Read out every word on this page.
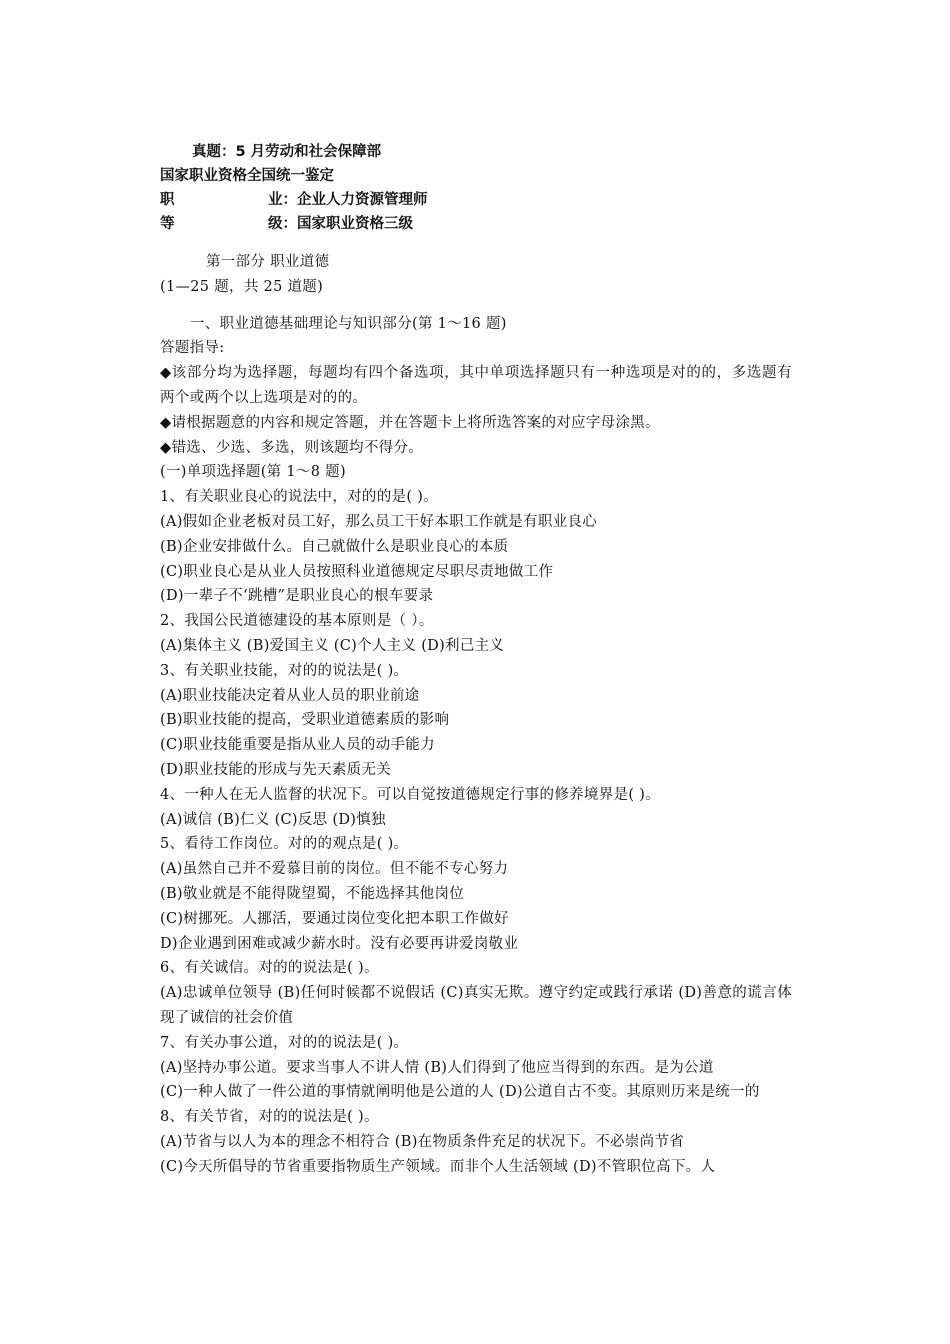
真题：5 月劳动和社会保障部
国家职业资格全国统一鉴定
职	业：企业人力资源管理师
等	级：国家职业资格三级
第一部分 职业道德
(1—25 题，共 25 道题)
一、职业道德基础理论与知识部分(第 1～16 题)
答题指导:
◆该部分均为选择题，每题均有四个备选项，其中单项选择题只有一种选项是对的的，多选题有两个或两个以上选项是对的的。
◆请根据题意的内容和规定答题，并在答题卡上将所选答案的对应字母涂黑。
◆错选、少选、多选，则该题均不得分。
(一)单项选择题(第 1～8 题)
1、有关职业良心的说法中，对的的是( )。
(A)假如企业老板对员工好，那么员工干好本职工作就是有职业良心
(B)企业安排做什么。自己就做什么是职业良心的本质
(C)职业良心是从业人员按照科业道德规定尽职尽责地做工作
(D)一辈子不‘跳槽”是职业良心的根车要录
2、我国公民道德建设的基本原则是（ ）。
(A)集体主义 (B)爱国主义 (C)个人主义 (D)利己主义
3、有关职业技能，对的的说法是( )。
(A)职业技能决定着从业人员的职业前途
(B)职业技能的提高，受职业道德素质的影响
(C)职业技能重要是指从业人员的动手能力
(D)职业技能的形成与先天素质无关
4、一种人在无人监督的状况下。可以自觉按道德规定行事的修养境界是( )。
(A)诚信 (B)仁义 (C)反思 (D)慎独
5、看待工作岗位。对的的观点是( )。
(A)虽然自己并不爱慕目前的岗位。但不能不专心努力
(B)敬业就是不能得陇望蜀，不能选择其他岗位
(C)树挪死。人挪活，要通过岗位变化把本职工作做好
D)企业遇到困难或减少薪水时。没有必要再讲爱岗敬业
6、有关诚信。对的的说法是( )。
(A)忠诚单位领导 (B)任何时候都不说假话 (C)真实无欺。遵守约定或践行承诺 (D)善意的谎言体现了诚信的社会价值
7、有关办事公道，对的的说法是( )。
(A)坚持办事公道。要求当事人不讲人情 (B)人们得到了他应当得到的东西。是为公道
(C)一种人做了一件公道的事情就阐明他是公道的人 (D)公道自古不变。其原则历来是统一的
8、有关节省，对的的说法是( )。
(A)节省与以人为本的理念不相符合 (B)在物质条件充足的状况下。不必崇尚节省
(C)今天所倡导的节省重要指物质生产领域。而非个人生活领域 (D)不管职位高下。人
